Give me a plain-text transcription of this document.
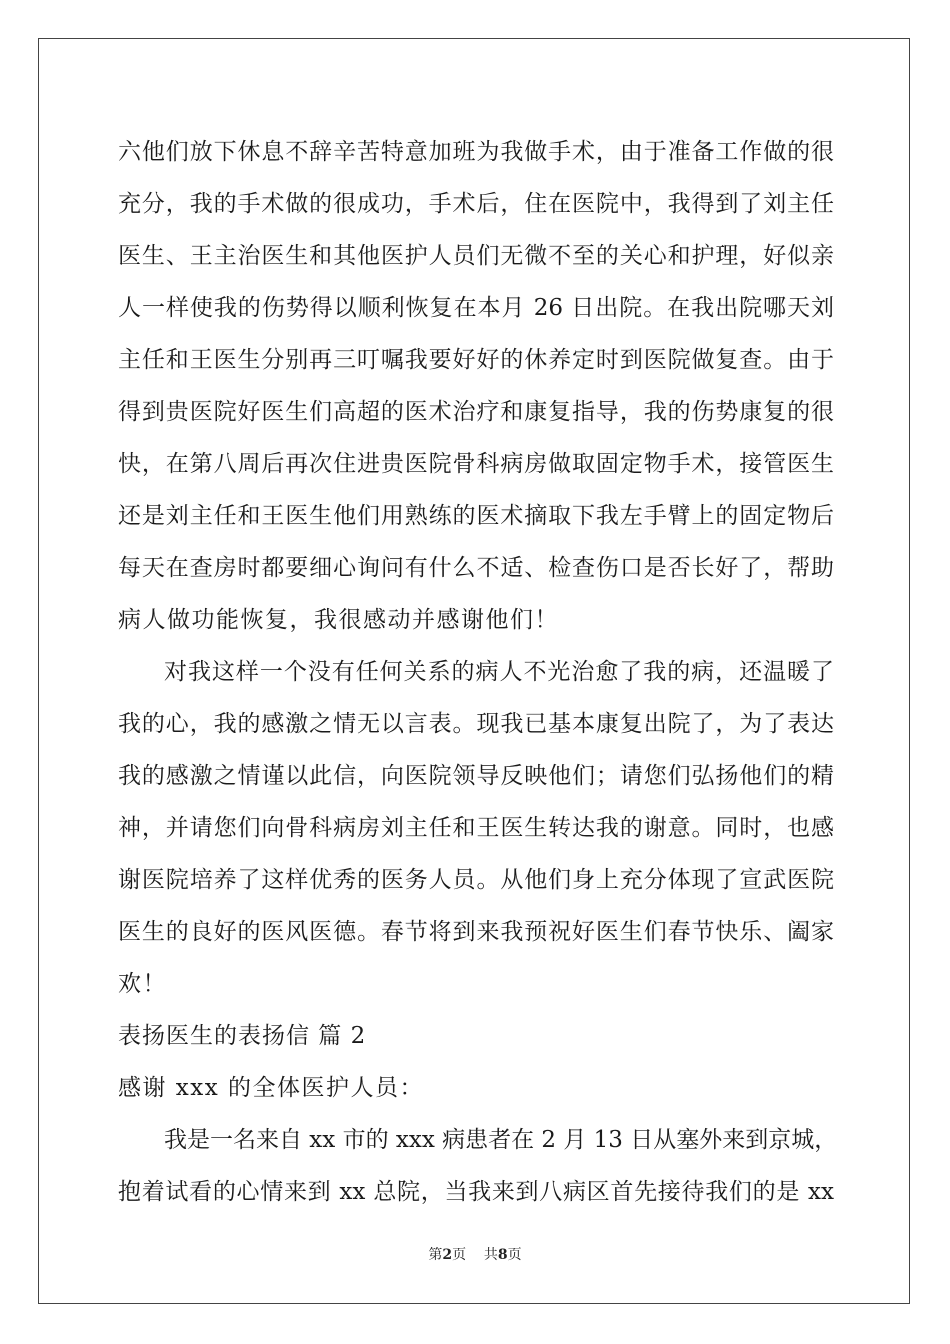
六他们放下休息不辞辛苦特意加班为我做手术，由于准备工作做的很
充分，我的手术做的很成功，手术后，住在医院中，我得到了刘主任
医生、王主治医生和其他医护人员们无微不至的关心和护理，好似亲
人一样使我的伤势得以顺利恢复在本月 26 日出院。在我出院哪天刘
主任和王医生分别再三叮嘱我要好好的休养定时到医院做复查。由于
得到贵医院好医生们高超的医术治疗和康复指导，我的伤势康复的很
快，在第八周后再次住进贵医院骨科病房做取固定物手术，接管医生
还是刘主任和王医生他们用熟练的医术摘取下我左手臂上的固定物后
每天在查房时都要细心询问有什么不适、检查伤口是否长好了，帮助
病人做功能恢复，我很感动并感谢他们！
对我这样一个没有任何关系的病人不光治愈了我的病，还温暖了
我的心，我的感激之情无以言表。现我已基本康复出院了，为了表达
我的感激之情谨以此信，向医院领导反映他们；请您们弘扬他们的精
神，并请您们向骨科病房刘主任和王医生转达我的谢意。同时，也感
谢医院培养了这样优秀的医务人员。从他们身上充分体现了宣武医院
医生的良好的医风医德。春节将到来我预祝好医生们春节快乐、阖家
欢！
表扬医生的表扬信 篇 2
感谢 xxx 的全体医护人员：
我是一名来自 xx 市的 xxx 病患者在 2 月 13 日从塞外来到京城，
抱着试看的心情来到 xx 总院，当我来到八病区首先接待我们的是 xx
第2页 共8页
